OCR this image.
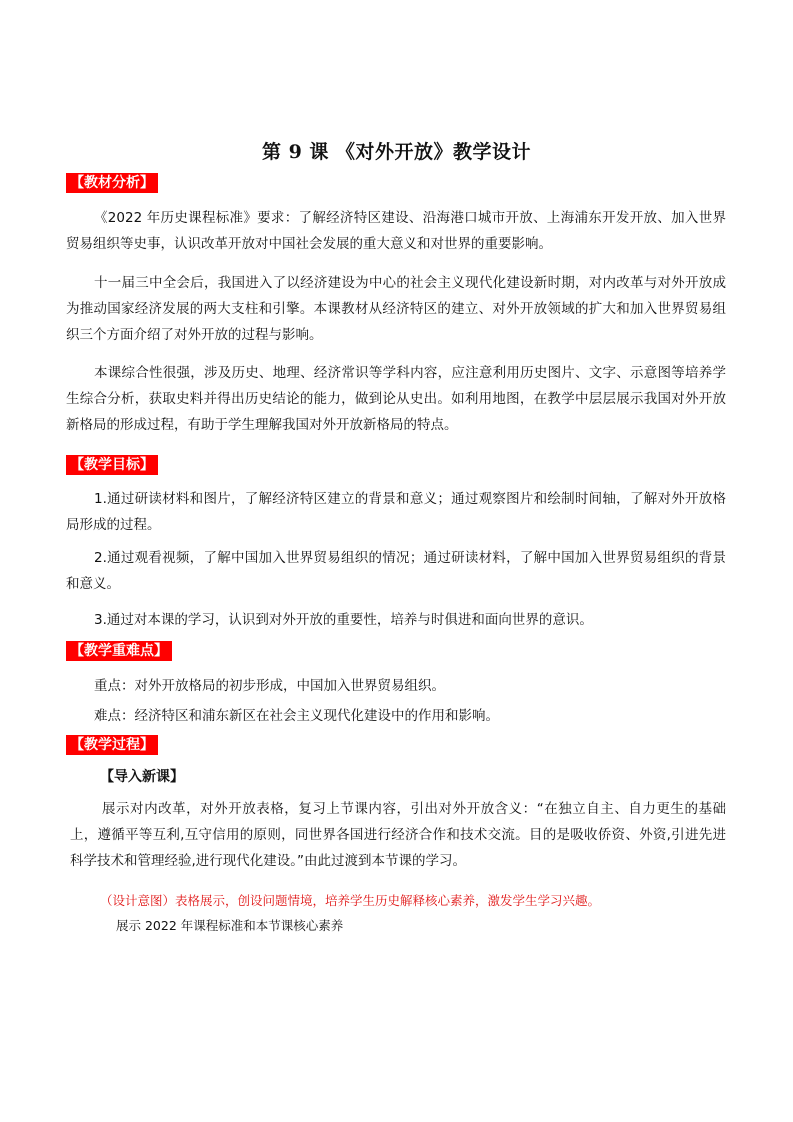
第 9 课 《对外开放》教学设计
【教材分析】
《2022 年历史课程标准》要求：了解经济特区建设、沿海港口城市开放、上海浦东开发开放、加入世界贸易组织等史事，认识改革开放对中国社会发展的重大意义和对世界的重要影响。
十一届三中全会后，我国进入了以经济建设为中心的社会主义现代化建设新时期，对内改革与对外开放成为推动国家经济发展的两大支柱和引擎。本课教材从经济特区的建立、对外开放领域的扩大和加入世界贸易组织三个方面介绍了对外开放的过程与影响。
本课综合性很强，涉及历史、地理、经济常识等学科内容，应注意利用历史图片、文字、示意图等培养学生综合分析，获取史料并得出历史结论的能力，做到论从史出。如利用地图，在教学中层层展示我国对外开放新格局的形成过程，有助于学生理解我国对外开放新格局的特点。
【教学目标】
1.通过研读材料和图片，了解经济特区建立的背景和意义；通过观察图片和绘制时间轴，了解对外开放格局形成的过程。
2.通过观看视频，了解中国加入世界贸易组织的情况；通过研读材料，了解中国加入世界贸易组织的背景和意义。
3.通过对本课的学习，认识到对外开放的重要性，培养与时俱进和面向世界的意识。
【教学重难点】
重点：对外开放格局的初步形成，中国加入世界贸易组织。
难点：经济特区和浦东新区在社会主义现代化建设中的作用和影响。
【教学过程】
【导入新课】
展示对内改革，对外开放表格，复习上节课内容，引出对外开放含义：“在独立自主、自力更生的基础上，遵循平等互利,互守信用的原则，同世界各国进行经济合作和技术交流。目的是吸收侨资、外资,引进先进科学技术和管理经验,进行现代化建设。”由此过渡到本节课的学习。
（设计意图）表格展示，创设问题情境，培养学生历史解释核心素养，激发学生学习兴趣。
展示 2022 年课程标准和本节课核心素养
